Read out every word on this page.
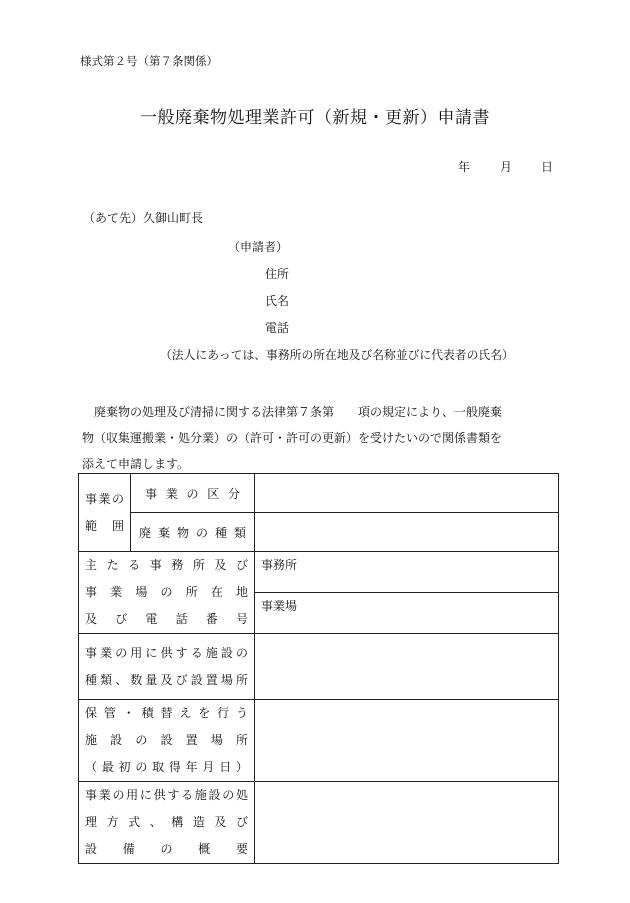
様式第２号（第７条関係）
一般廃棄物処理業許可（新規・更新）申請書
年 月 日
（あて先）久御山町長
（申請者）
住所
氏名
電話
（法人にあっては、事務所の所在地及び名称並びに代表者の氏名）

廃棄物の処理及び清掃に関する法律第７条第　　項の規定により、一般廃棄

物（収集運搬業・処分業）の（許可・許可の更新）を受けたいので関係書類を

添えて申請します。

事業の
範　囲	事業の区分	
	廃棄物の種類	

主たる事務所及び
事業場の所在地
及び電話番号		事務所
		事業場

事業の用に供する施設の
種類、数量及び設置場所		

保管・積替えを行う
施設の設置場所
（最初の取得年月日）		

事業の用に供する施設の処
理方式、構造及び
設備の概要		
